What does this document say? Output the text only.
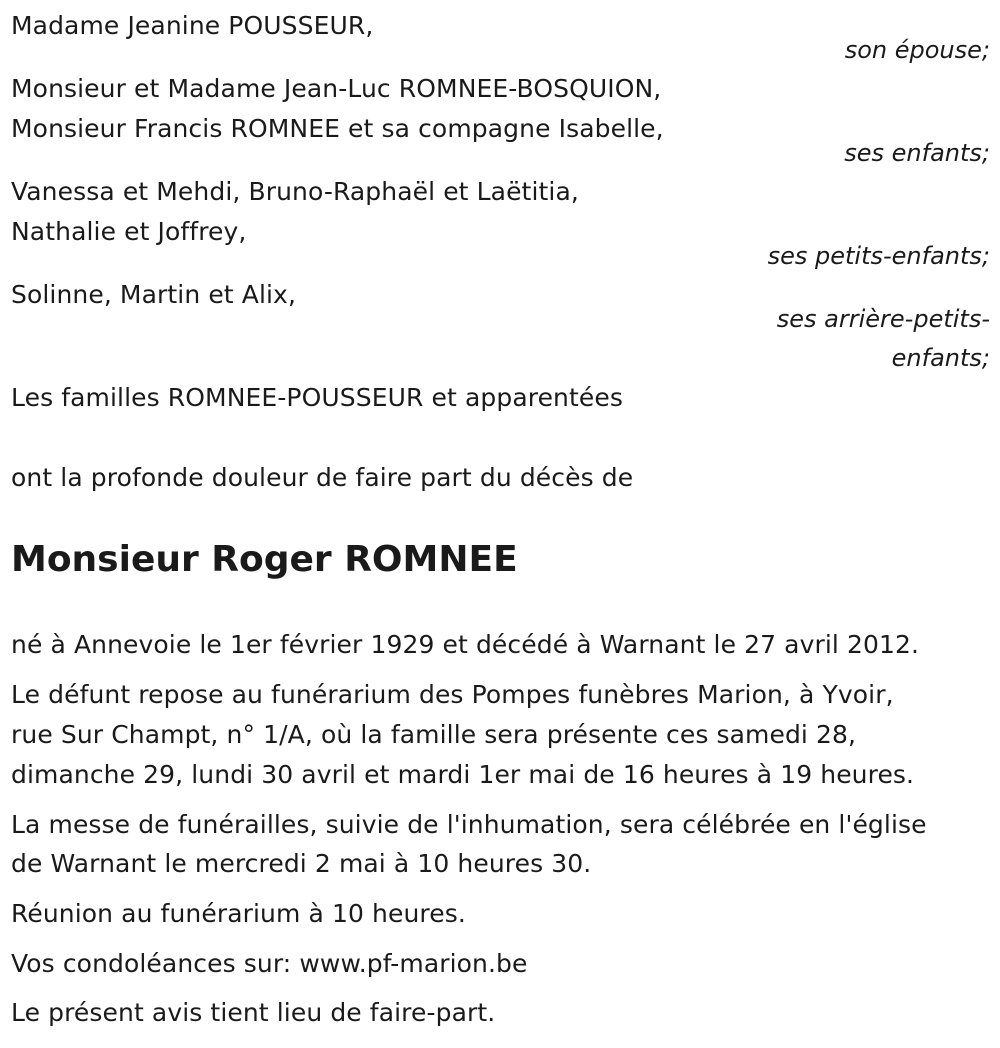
Madame Jeanine POUSSEUR,
son épouse;
Monsieur et Madame Jean-Luc ROMNEE-BOSQUION,
Monsieur Francis ROMNEE et sa compagne Isabelle,
ses enfants;
Vanessa et Mehdi, Bruno-Raphaël et Laëtitia,
Nathalie et Joffrey,
ses petits-enfants;
Solinne, Martin et Alix,
ses arrière-petits-
enfants;
Les familles ROMNEE-POUSSEUR et apparentées
ont la profonde douleur de faire part du décès de
Monsieur Roger ROMNEE
né à Annevoie le 1er février 1929 et décédé à Warnant le 27 avril 2012.
Le défunt repose au funérarium des Pompes funèbres Marion, à Yvoir,
rue Sur Champt, n° 1/A, où la famille sera présente ces samedi 28,
dimanche 29, lundi 30 avril et mardi 1er mai de 16 heures à 19 heures.
La messe de funérailles, suivie de l'inhumation, sera célébrée en l'église
de Warnant le mercredi 2 mai à 10 heures 30.
Réunion au funérarium à 10 heures.
Vos condoléances sur: www.pf-marion.be
Le présent avis tient lieu de faire-part.
